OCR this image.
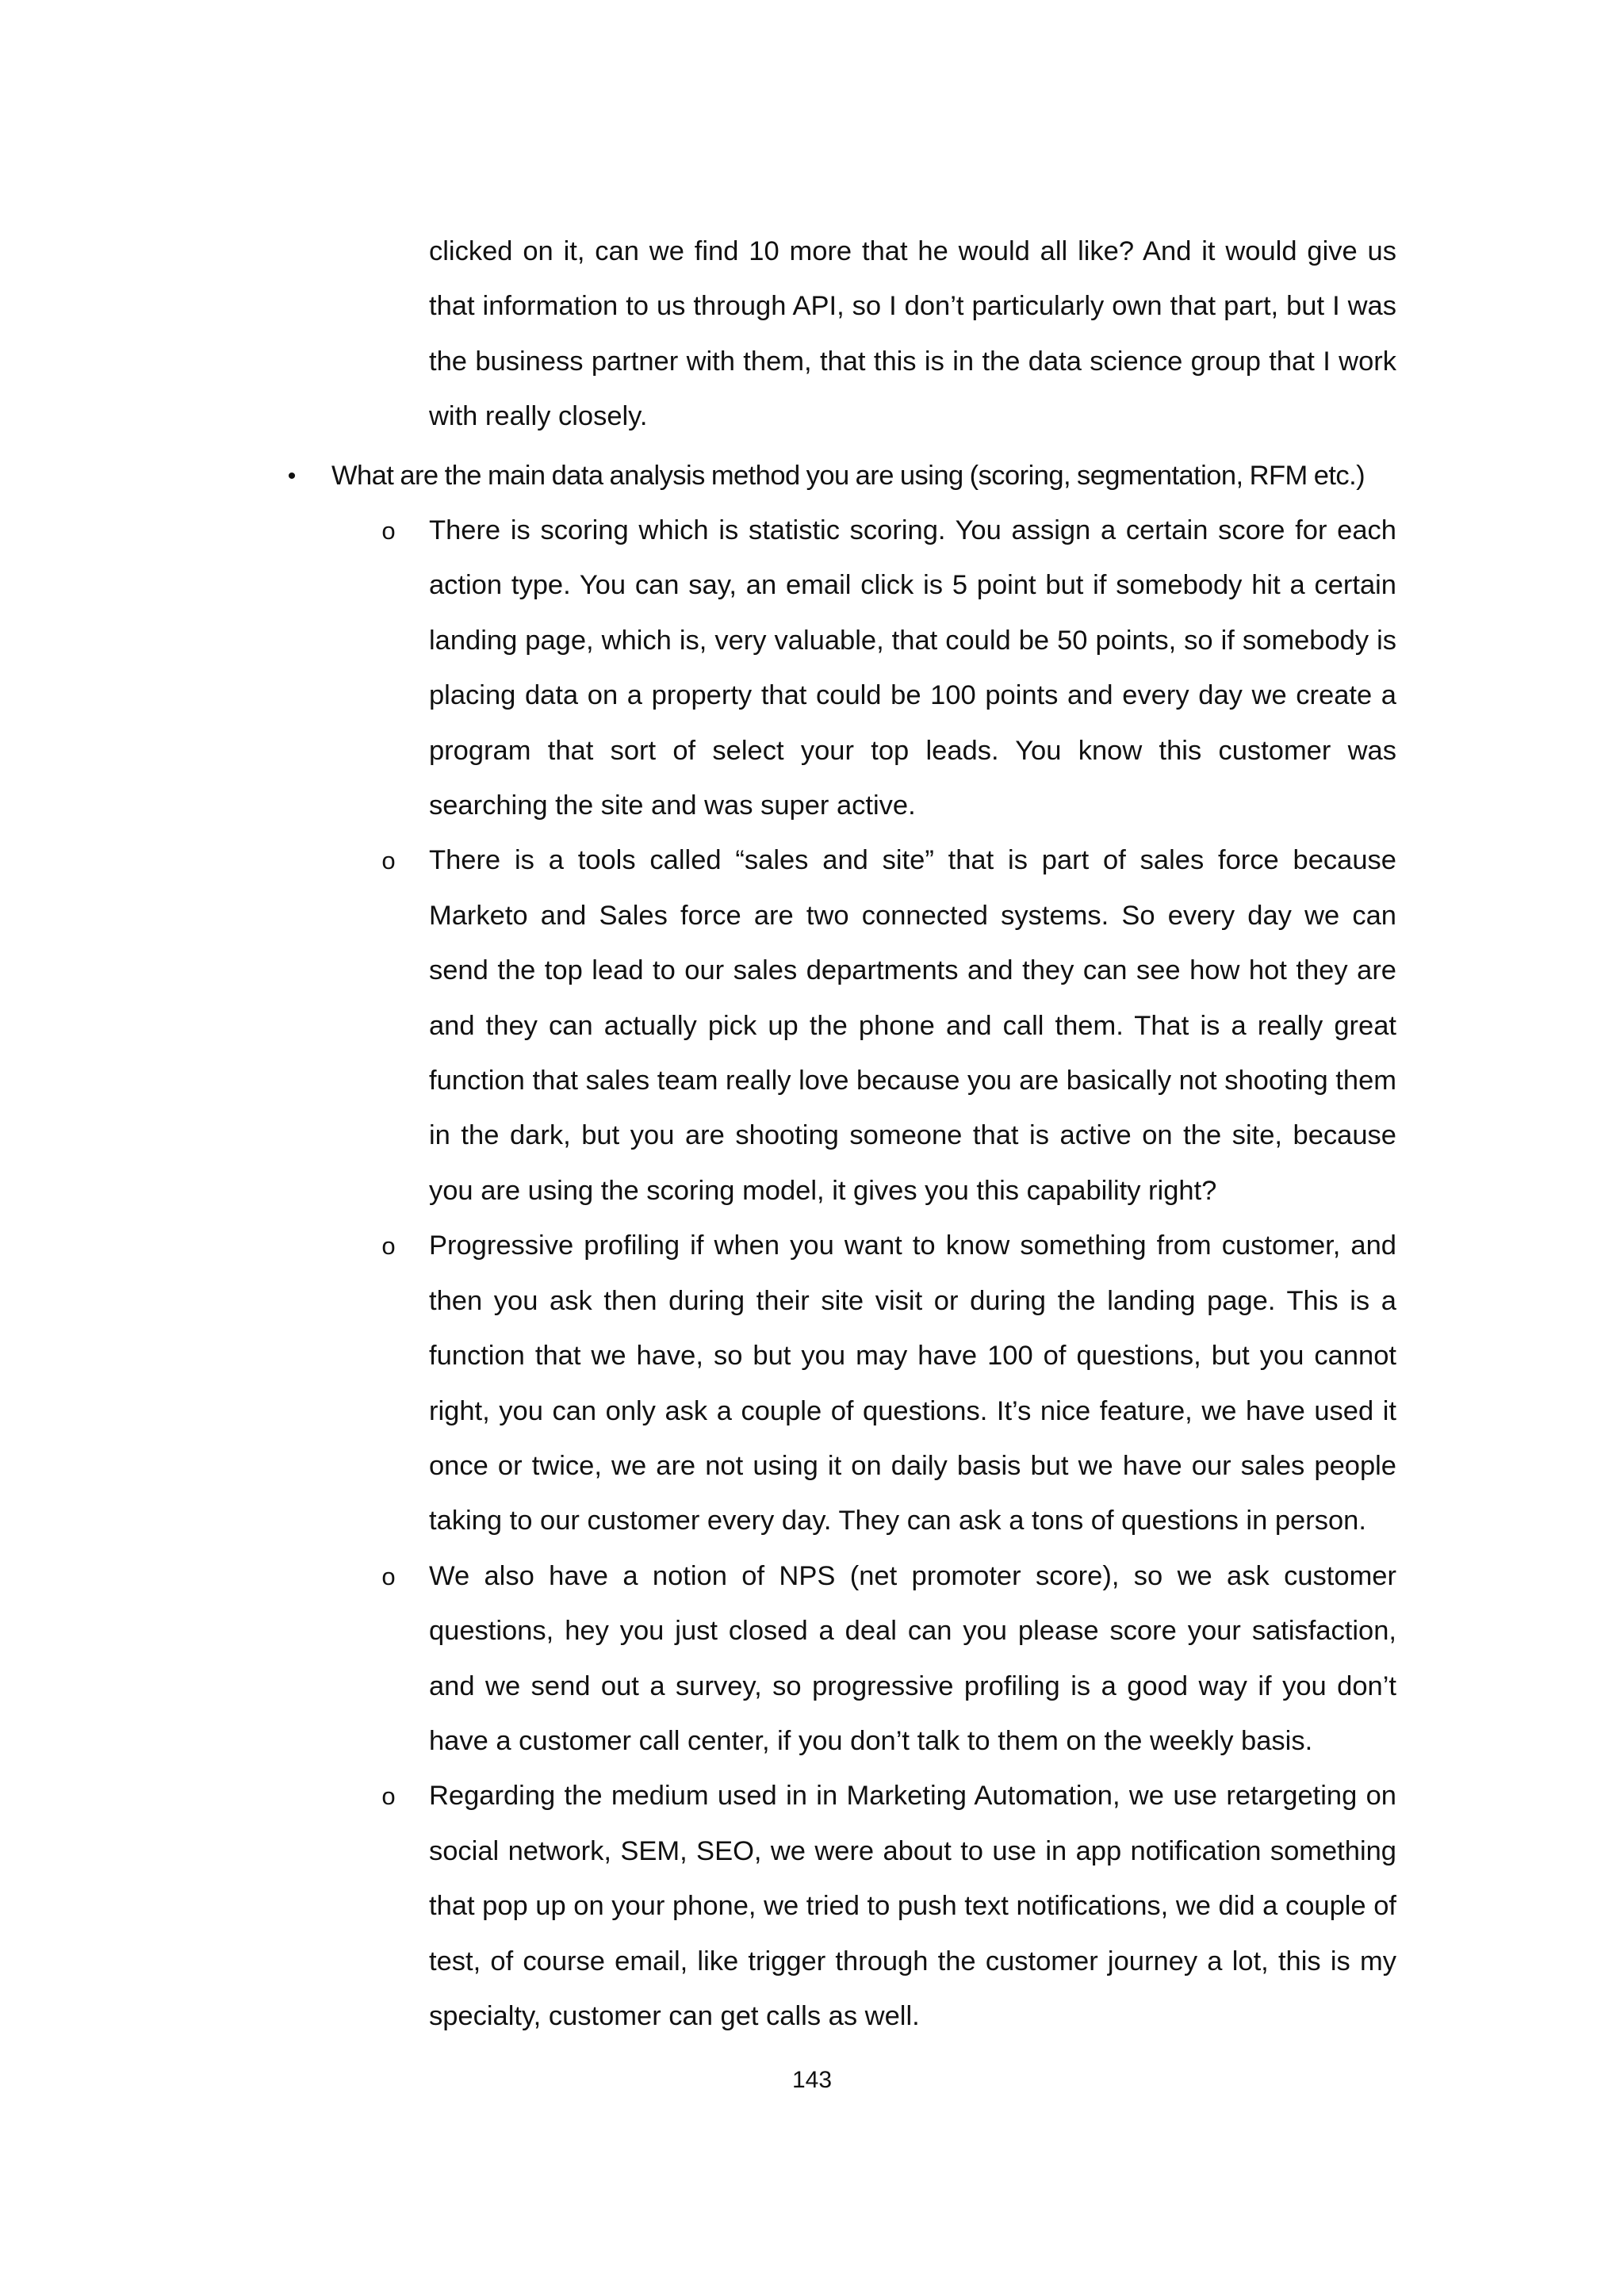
clicked on it, can we find 10 more that he would all like? And it would give us that information to us through API, so I don’t particularly own that part, but I was the business partner with them, that this is in the data science group that I work with really closely.

• What are the main data analysis method you are using (scoring, segmentation, RFM etc.)
o There is scoring which is statistic scoring. You assign a certain score for each action type. You can say, an email click is 5 point but if somebody hit a certain landing page, which is, very valuable, that could be 50 points, so if somebody is placing data on a property that could be 100 points and every day we create a program that sort of select your top leads. You know this customer was searching the site and was super active.
o There is a tools called “sales and site” that is part of sales force because Marketo and Sales force are two connected systems. So every day we can send the top lead to our sales departments and they can see how hot they are and they can actually pick up the phone and call them. That is a really great function that sales team really love because you are basically not shooting them in the dark, but you are shooting someone that is active on the site, because you are using the scoring model, it gives you this capability right?
o Progressive profiling if when you want to know something from customer, and then you ask then during their site visit or during the landing page. This is a function that we have, so but you may have 100 of questions, but you cannot right, you can only ask a couple of questions. It’s nice feature, we have used it once or twice, we are not using it on daily basis but we have our sales people taking to our customer every day. They can ask a tons of questions in person.
o We also have a notion of NPS (net promoter score), so we ask customer questions, hey you just closed a deal can you please score your satisfaction, and we send out a survey, so progressive profiling is a good way if you don’t have a customer call center, if you don’t talk to them on the weekly basis.
o Regarding the medium used in in Marketing Automation, we use retargeting on social network, SEM, SEO, we were about to use in app notification something that pop up on your phone, we tried to push text notifications, we did a couple of test, of course email, like trigger through the customer journey a lot, this is my specialty, customer can get calls as well.
143
